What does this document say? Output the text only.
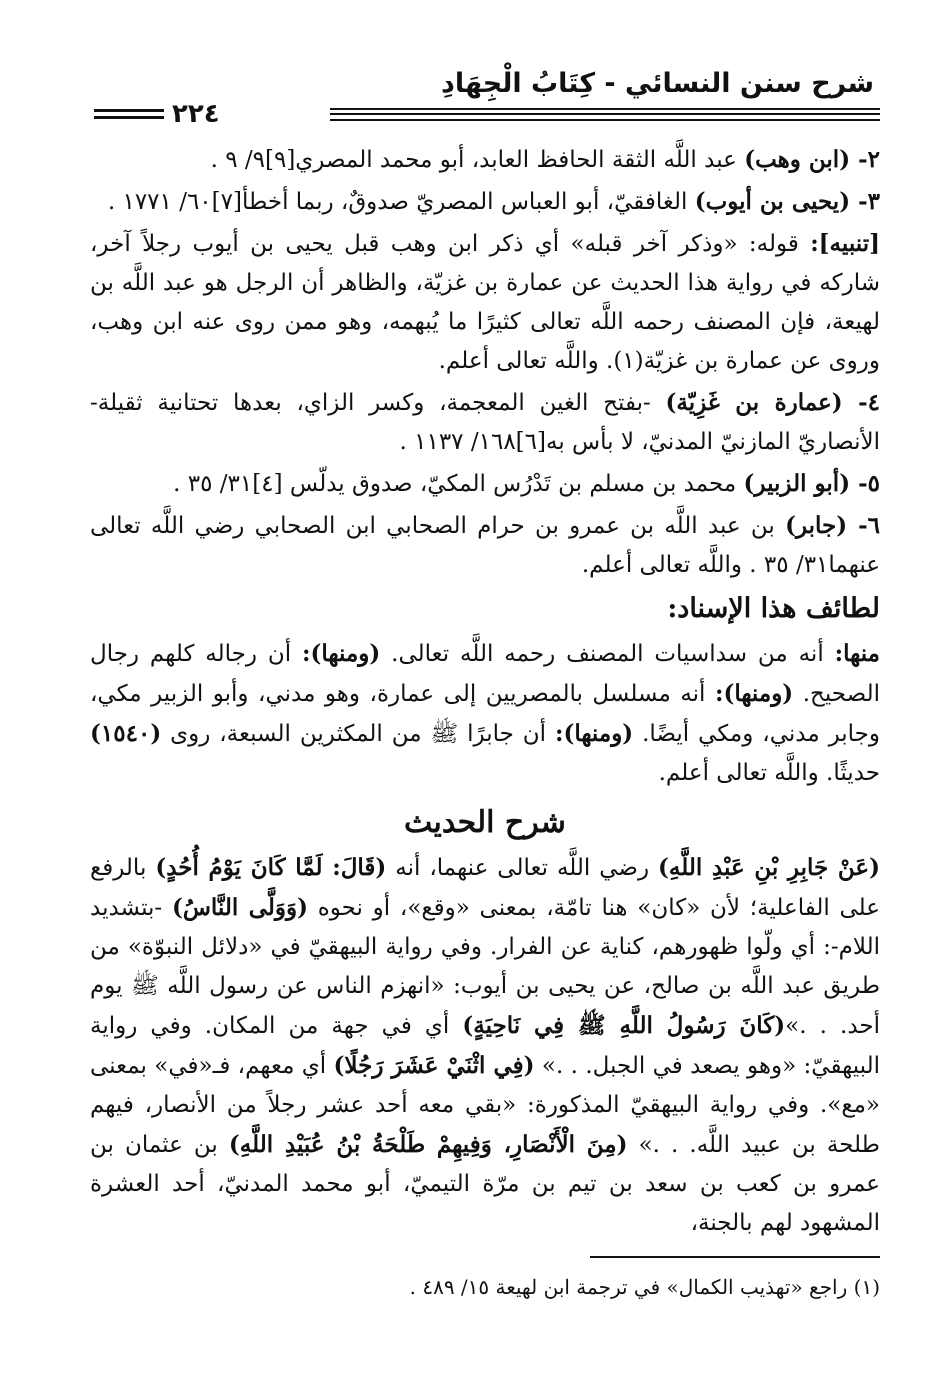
شرح سنن النسائي - كِتَابُ الْجِهَادِ
٢٢٤

٢- (ابن وهب) عبد اللَّه الثقة الحافظ العابد، أبو محمد المصري[٩]٩/ ٩ .

٣- (يحيى بن أيوب) الغافقيّ، أبو العباس المصريّ صدوقٌ، ربما أخطأ[٧]٦٠/ ١٧٧١ .

[تنبيه]: قوله: «وذكر آخر قبله» أي ذكر ابن وهب قبل يحيى بن أيوب رجلاً آخر، شاركه في رواية هذا الحديث عن عمارة بن غزيّة، والظاهر أن الرجل هو عبد اللَّه بن لهيعة، فإن المصنف رحمه اللَّه تعالى كثيرًا ما يُبهمه، وهو ممن روى عنه ابن وهب، وروى عن عمارة بن غزيّة(١). واللَّه تعالى أعلم.

٤- (عمارة بن غَزِيّة) -بفتح الغين المعجمة، وكسر الزاي، بعدها تحتانية ثقيلة- الأنصاريّ المازنيّ المدنيّ، لا بأس به[٦]١٦٨/ ١١٣٧ .

٥- (أبو الزبير) محمد بن مسلم بن تَدْرُس المكيّ، صدوق يدلّس [٤]٣١/ ٣٥ .

٦- (جابر) بن عبد اللَّه بن عمرو بن حرام الصحابي ابن الصحابي رضي اللَّه تعالى عنهما٣١/ ٣٥ . واللَّه تعالى أعلم.

لطائف هذا الإسناد:

منها: أنه من سداسيات المصنف رحمه اللَّه تعالى. (ومنها): أن رجاله كلهم رجال الصحيح. (ومنها): أنه مسلسل بالمصريين إلى عمارة، وهو مدني، وأبو الزبير مكي، وجابر مدني، ومكي أيضًا. (ومنها): أن جابرًا ﷺ من المكثرين السبعة، روى (١٥٤٠) حديثًا. واللَّه تعالى أعلم.

شرح الحديث

(عَنْ جَابِرِ بْنِ عَبْدِ اللَّهِ) رضي اللَّه تعالى عنهما، أنه (قَالَ: لَمَّا كَانَ يَوْمُ أُحُدٍ) بالرفع على الفاعلية؛ لأن «كان» هنا تامّة، بمعنى «وقع»، أو نحوه (وَوَلَّى النَّاسُ) -بتشديد اللام-: أي ولّوا ظهورهم، كناية عن الفرار. وفي رواية البيهقيّ في «دلائل النبوّة» من طريق عبد اللَّه بن صالح، عن يحيى بن أيوب: «انهزم الناس عن رسول اللَّه ﷺ يوم أحد. . .»(كَانَ رَسُولُ اللَّهِ ﷺ فِي نَاحِيَةٍ) أي في جهة من المكان. وفي رواية البيهقيّ: «وهو يصعد في الجبل. . .» (فِي اثْنَيْ عَشَرَ رَجُلًا) أي معهم، فـ«في» بمعنى «مع». وفي رواية البيهقيّ المذكورة: «بقي معه أحد عشر رجلاً من الأنصار، فيهم طلحة بن عبيد اللَّه. . .» (مِنَ الْأَنْصَارِ، وَفِيهِمْ طَلْحَةُ بْنُ عُبَيْدِ اللَّهِ) بن عثمان بن عمرو بن كعب بن سعد بن تيم بن مرّة التيميّ، أبو محمد المدنيّ، أحد العشرة المشهود لهم بالجنة،

(١) راجع «تهذيب الكمال» في ترجمة ابن لهيعة ١٥/ ٤٨٩ .
